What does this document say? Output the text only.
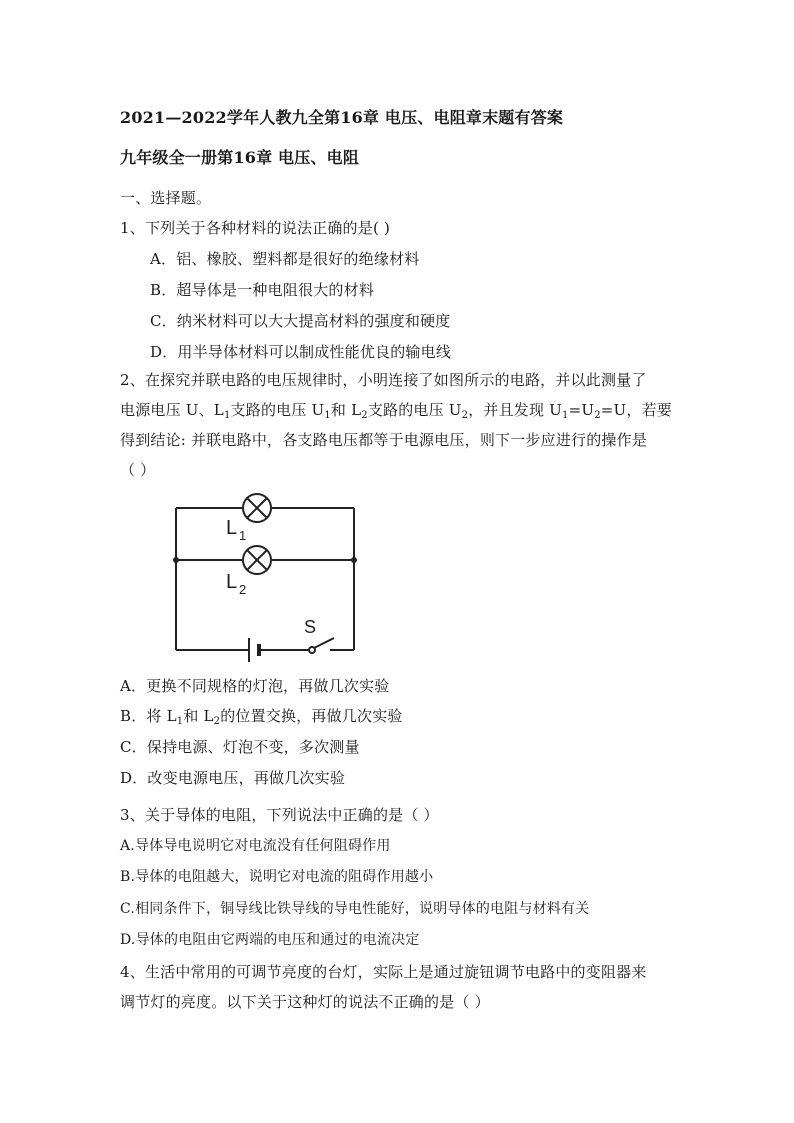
2021—2022学年人教九全第16章 电压、电阻章末题有答案
九年级全一册第16章 电压、电阻
一、选择题。
1、下列关于各种材料的说法正确的是( )
A．铝、橡胶、塑料都是很好的绝缘材料
B．超导体是一种电阻很大的材料
C．纳米材料可以大大提高材料的强度和硬度
D．用半导体材料可以制成性能优良的输电线
2、在探究并联电路的电压规律时，小明连接了如图所示的电路，并以此测量了
电源电压 U、$L_1$支路的电压 $U_1$和 $L_2$支路的电压 $U_2$，并且发现 $U_1=U_2=U$，若要
得到结论: 并联电路中，各支路电压都等于电源电压，则下一步应进行的操作是
（ ）
L 1
L 2
S
A．更换不同规格的灯泡，再做几次实验
B．将 $L_1$和 $L_2$的位置交换，再做几次实验
C．保持电源、灯泡不变，多次测量
D．改变电源电压，再做几次实验
3、关于导体的电阻，下列说法中正确的是（ ）
A.导体导电说明它对电流没有任何阻碍作用
B.导体的电阻越大，说明它对电流的阻碍作用越小
C.相同条件下，铜导线比铁导线的导电性能好，说明导体的电阻与材料有关
D.导体的电阻由它两端的电压和通过的电流决定
4、生活中常用的可调节亮度的台灯，实际上是通过旋钮调节电路中的变阻器来
调节灯的亮度。以下关于这种灯的说法不正确的是（ ）
